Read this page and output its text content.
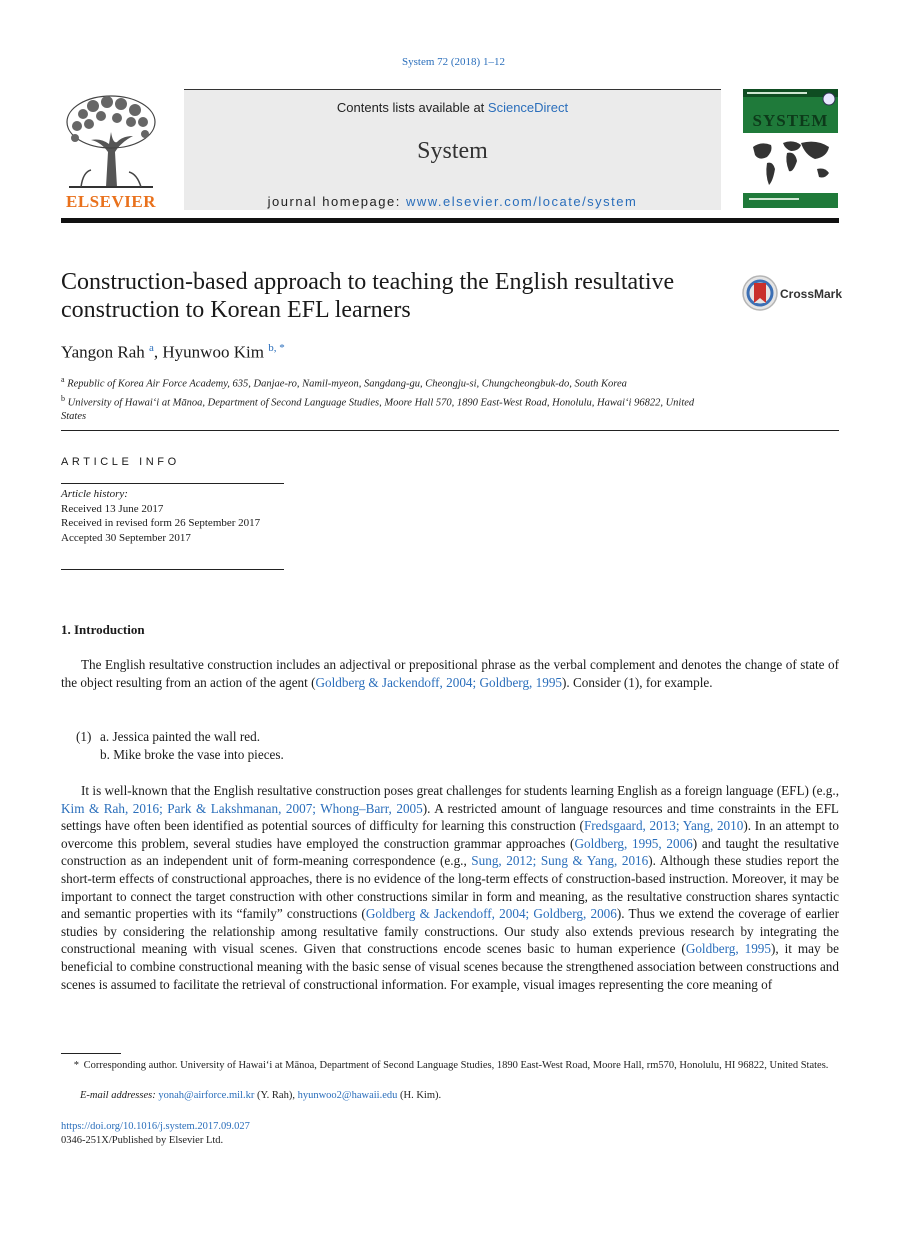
System 72 (2018) 1–12
ELSEVIER
Contents lists available at ScienceDirect
System
journal homepage: www.elsevier.com/locate/system
SYSTEM
Construction-based approach to teaching the English resultative construction to Korean EFL learners
CrossMark
Yangon Rah $^a$, Hyunwoo Kim $^{b, *}$
$^a$ Republic of Korea Air Force Academy, 635, Danjae-ro, Namil-myeon, Sangdang-gu, Cheongju-si, Chungcheongbuk-do, South Korea
$^b$ University of Hawai‘i at Mānoa, Department of Second Language Studies, Moore Hall 570, 1890 East-West Road, Honolulu, Hawai‘i 96822, United States
ARTICLE INFO
Article history:
Received 13 June 2017
Received in revised form 26 September 2017
Accepted 30 September 2017
1. Introduction
The English resultative construction includes an adjectival or prepositional phrase as the verbal complement and denotes the change of state of the object resulting from an action of the agent (Goldberg & Jackendoff, 2004; Goldberg, 1995). Consider (1), for example.
(1) a. Jessica painted the wall red.
b. Mike broke the vase into pieces.
It is well-known that the English resultative construction poses great challenges for students learning English as a foreign language (EFL) (e.g., Kim & Rah, 2016; Park & Lakshmanan, 2007; Whong–Barr, 2005). A restricted amount of language resources and time constraints in the EFL settings have often been identified as potential sources of difficulty for learning this construction (Fredsgaard, 2013; Yang, 2010). In an attempt to overcome this problem, several studies have employed the construction grammar approaches (Goldberg, 1995, 2006) and taught the resultative construction as an independent unit of form-meaning correspondence (e.g., Sung, 2012; Sung & Yang, 2016). Although these studies report the short-term effects of constructional approaches, there is no evidence of the long-term effects of construction-based instruction. Moreover, it may be important to connect the target construction with other constructions similar in form and meaning, as the resultative construction shares syntactic and semantic properties with its “family” constructions (Goldberg & Jackendoff, 2004; Goldberg, 2006). Thus we extend the coverage of earlier studies by considering the relationship among resultative family constructions. Our study also extends previous research by integrating the constructional meaning with visual scenes. Given that constructions encode scenes basic to human experience (Goldberg, 1995), it may be beneficial to combine constructional meaning with the basic sense of visual scenes because the strengthened association between constructions and scenes is assumed to facilitate the retrieval of constructional information. For example, visual images representing the core meaning of
* Corresponding author. University of Hawai‘i at Mānoa, Department of Second Language Studies, 1890 East-West Road, Moore Hall, rm570, Honolulu, HI 96822, United States.
E-mail addresses: yonah@airforce.mil.kr (Y. Rah), hyunwoo2@hawaii.edu (H. Kim).
https://doi.org/10.1016/j.system.2017.09.027
0346-251X/Published by Elsevier Ltd.
